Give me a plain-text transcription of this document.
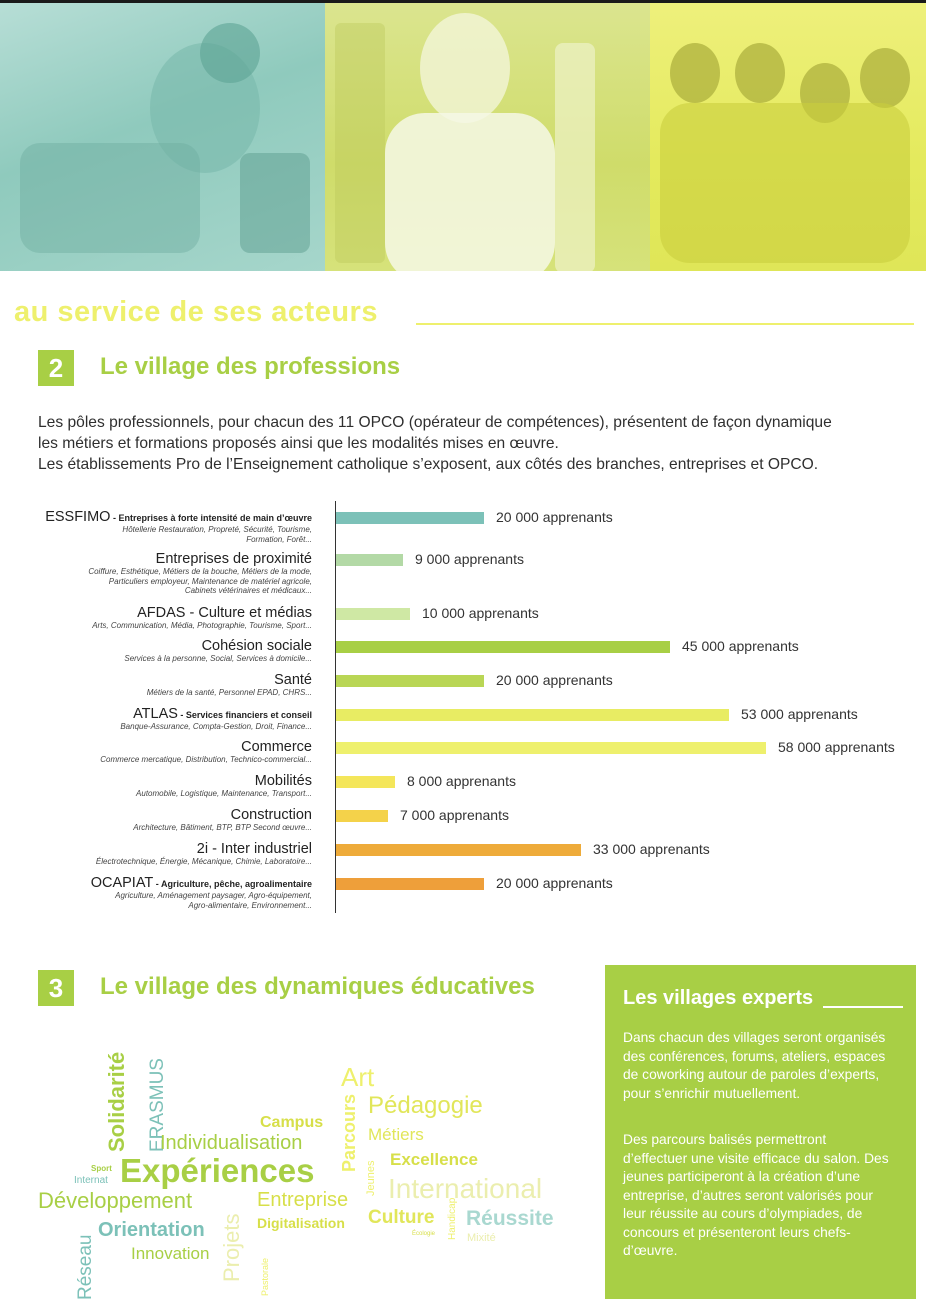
au service de ses acteurs
2	Le village des professions

Les pôles professionnels, pour chacun des 11 OPCO (opérateur de compétences), présentent de façon dynamique

les métiers et formations proposés ainsi que les modalités mises en œuvre.

Les établissements Pro de l’Enseignement catholique s’exposent, aux côtés des branches, entreprises et OPCO.

ESSFIMO - Entreprises à forte intensité de main d’œuvre
Hôtellerie Restauration, Propreté, Sécurité, Tourisme,
Formation, Forêt...
20 000 apprenants
Entreprises de proximité
Coiffure, Esthétique, Métiers de la bouche, Métiers de la mode,
Particuliers employeur, Maintenance de matériel agricole,
Cabinets vétérinaires et médicaux...
9 000 apprenants
AFDAS - Culture et médias
Arts, Communication, Média, Photographie, Tourisme, Sport...
10 000 apprenants
Cohésion sociale
Services à la personne, Social, Services à domicile...
45 000 apprenants
Santé
Métiers de la santé, Personnel EPAD, CHRS...
20 000 apprenants
ATLAS - Services financiers et conseil
Banque-Assurance, Compta-Gestion, Droit, Finance...
53 000 apprenants
Commerce
Commerce mercatique, Distribution, Technico-commercial...
58 000 apprenants
Mobilités
Automobile, Logistique, Maintenance, Transport...
8 000 apprenants
Construction
Architecture, Bâtiment, BTP, BTP Second œuvre...
7 000 apprenants
2i - Inter industriel
Électrotechnique, Énergie, Mécanique, Chimie, Laboratoire...
33 000 apprenants
OCAPIAT - Agriculture, pêche, agroalimentaire
Agriculture, Aménagement paysager, Agro-équipement,
Agro-alimentaire, Environnement...
20 000 apprenants
3	Le village des dynamiques éducatives
Solidarité ERASMUS
Individualisation
Campus Parcours
Art
Pédagogie
Métiers
Sport
Internat Expériences	Jeunes
Excellence
International
Développement	Entreprise
Réseau
Orientation Projets Digitalisation Culture Handicap
Écologie
Réussite
Mixité
Innovation
Pastorale
Les villages experts
Dans chacun des villages seront organisés des conférences, forums, ateliers, espaces de coworking autour de paroles d’experts, pour s’enrichir mutuellement.
Des parcours balisés permettront d’effectuer une visite efficace du salon. Des jeunes participeront à la création d’une entreprise, d’autres seront valorisés pour leur réussite au cours d’olympiades, de concours et présenteront leurs chefs-d’œuvre.
